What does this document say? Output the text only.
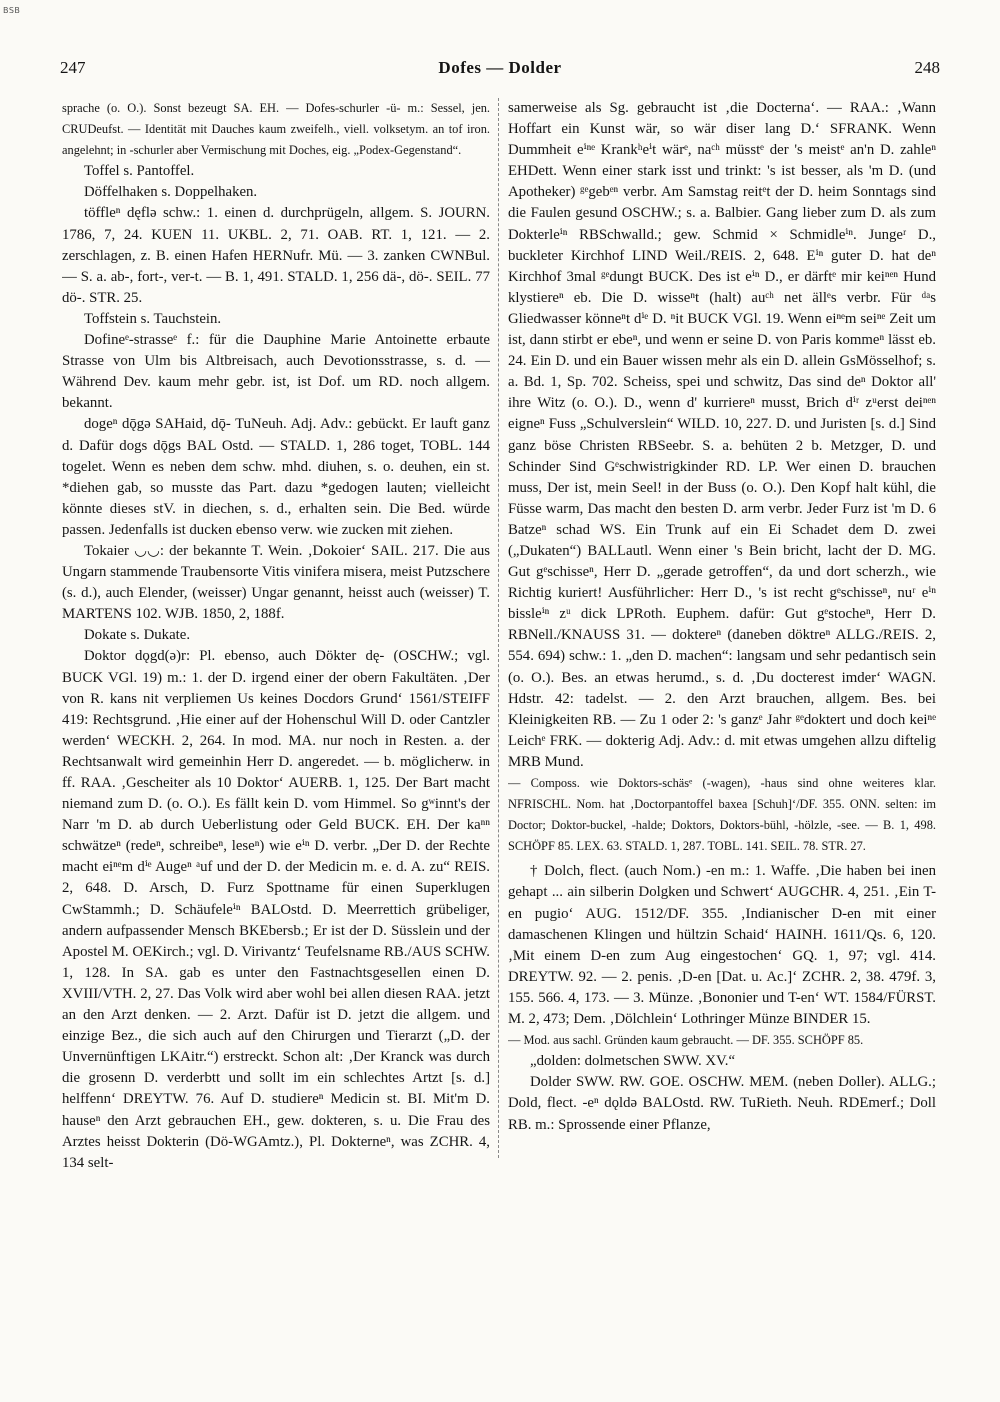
BSB
247	Dofes — Dolder	248

sprache (o. O.). Sonst bezeugt SA. EH. — Dofes-schurler -ü- m.: Sessel, jen. CRUDeufst. — Identität mit Dauches kaum zweifelh., viell. volksetym. an tof iron. angelehnt; in -schurler aber Vermischung mit Doches, eig. „Podex-Gegenstand“.

Toffel s. Pantoffel.

Döffelhaken s. Doppelhaken.

töffleⁿ dęflə schw.: 1. einen d. durchprügeln, allgem. S. JOURN. 1786, 7, 24. KUEN 11. UKBL. 2, 71. OAB. RT. 1, 121. — 2. zerschlagen, z. B. einen Hafen HERNufr. Mü. — 3. zanken CWNBul. — S. a. ab-, fort-, ver-t. — B. 1, 491. STALD. 1, 256 dä-, dö-. SEIL. 77 dö-. STR. 25.

Toffstein s. Tauchstein.

Dofineᵉ-strasseᵉ f.: für die Dauphine Marie Antoinette erbaute Strasse von Ulm bis Altbreisach, auch Devotionsstrasse, s. d. — Während Dev. kaum mehr gebr. ist, ist Dof. um RD. noch allgem. bekannt.

dogeⁿ dǭgə SAHaid, dǭ- TuNeuh. Adj. Adv.: gebückt. Er lauft ganz d. Dafür dogs dǭgs BAL Ostd. — STALD. 1, 286 toget, TOBL. 144 togelet. Wenn es neben dem schw. mhd. diuhen, s. o. deuhen, ein st. *diehen gab, so musste das Part. dazu *gedogen lauten; vielleicht könnte dieses stV. in diechen, s. d., erhalten sein. Die Bed. würde passen. Jedenfalls ist ducken ebenso verw. wie zucken mit ziehen.

Tokaier ◡◡: der bekannte T. Wein. ‚Dokoier‘ SAIL. 217. Die aus Ungarn stammende Traubensorte Vitis vinifera misera, meist Putzschere (s. d.), auch Elender, (weisser) Ungar genannt, heisst auch (weisser) T. MARTENS 102. WJB. 1850, 2, 188f.

Dokate s. Dukate.

Doktor dǫgd(ə)r: Pl. ebenso, auch Dökter dę- (OSCHW.; vgl. BUCK VGl. 19) m.: 1. der D. irgend einer der obern Fakultäten. ‚Der von R. kans nit verpliemen Us keines Docdors Grund‘ 1561/STEIFF 419: Rechtsgrund. ‚Hie einer auf der Hohenschul Will D. oder Cantzler werden‘ WECKH. 2, 264. In mod. MA. nur noch in Resten. a. der Rechtsanwalt wird gemeinhin Herr D. angeredet. — b. möglicherw. in ff. RAA. ‚Gescheiter als 10 Doktor‘ AUERB. 1, 125. Der Bart macht niemand zum D. (o. O.). Es fällt kein D. vom Himmel. So gʷinnt's der Narr 'm D. ab durch Ueberlistung oder Geld BUCK. EH. Der kaⁿⁿ schwätzeⁿ (redeⁿ, schreibeⁿ, leseⁿ) wie eⁱⁿ D. verbr. „Der D. der Rechte macht eiⁿᵉm dⁱᵉ Augeⁿ ᵃuf und der D. der Medicin m. e. d. A. zu“ REIS. 2, 648. D. Arsch, D. Furz Spottname für einen Superklugen CwStammh.; D. Schäufeleⁱⁿ BALOstd. D. Meerrettich grübeliger, andern aufpassender Mensch BKEbersb.; Er ist der D. Süsslein und der Apostel M. OEKirch.; vgl. D. Virivantz‘ Teufelsname RB./AUS SCHW. 1, 128. In SA. gab es unter den Fastnachtsgesellen einen D. XVIII/VTH. 2, 27. Das Volk wird aber wohl bei allen diesen RAA. jetzt an den Arzt denken. — 2. Arzt. Dafür ist D. jetzt die allgem. und einzige Bez., die sich auch auf den Chirurgen und Tierarzt („D. der Unvernünftigen LKAitr.“) erstreckt. Schon alt: ‚Der Kranck was durch die grosenn D. verderbtt und sollt im ein schlechtes Artzt [s. d.] helffenn‘ DREYTW. 76. Auf D. studiereⁿ Medicin st. BI. Mit'm D. hauseⁿ den Arzt gebrauchen EH., gew. dokteren, s. u. Die Frau des Arztes heisst Dokterin (Dö-WGAmtz.), Pl. Dokterneⁿ, was ZCHR. 4, 134 selt-

samerweise als Sg. gebraucht ist ‚die Docterna‘. — RAA.: ‚Wann Hoffart ein Kunst wär, so wär diser lang D.‘ SFRANK. Wenn Dummheit eⁱⁿᵉ Krankʰeⁱt wärᵉ, naᶜʰ müsstᵉ der 's meistᵉ an'n D. zahleⁿ EHDett. Wenn einer stark isst und trinkt: 's ist besser, als 'm D. (und Apotheker) ᵍᵉgebᵉⁿ verbr. Am Samstag reitᵉt der D. heim Sonntags sind die Faulen gesund OSCHW.; s. a. Balbier. Gang lieber zum D. als zum Dokterleⁱⁿ RBSchwalld.; gew. Schmid × Schmidleⁱⁿ. Jungeʳ D., buckleter Kirchhof LIND Weil./REIS. 2, 648. Eⁱⁿ guter D. hat deⁿ Kirchhof 3mal ᵍᵉdungt BUCK. Des ist eⁱⁿ D., er därftᵉ mir keiⁿᵉⁿ Hund klystiereⁿ eb. Die D. wisseⁿt (halt) auᶜʰ net ällᵉs verbr. Für ᵈᵃs Gliedwasser könneⁿt dⁱᵉ D. ⁿit BUCK VGl. 19. Wenn eiⁿᵉm seiⁿᵉ Zeit um ist, dann stirbt er ebeⁿ, und wenn er seine D. von Paris kommeⁿ lässt eb. 24. Ein D. und ein Bauer wissen mehr als ein D. allein GsMösselhof; s. a. Bd. 1, Sp. 702. Scheiss, spei und schwitz, Das sind deⁿ Doktor all' ihre Witz (o. O.). D., wenn d' kurriereⁿ musst, Brich dⁱʳ zᵘerst deiⁿᵉⁿ eigneⁿ Fuss „Schulverslein“ WILD. 10, 227. D. und Juristen [s. d.] Sind ganz böse Christen RBSeebr. S. a. behüten 2 b. Metzger, D. und Schinder Sind Gᵉschwistrigkinder RD. LP. Wer einen D. brauchen muss, Der ist, mein Seel! in der Buss (o. O.). Den Kopf halt kühl, die Füsse warm, Das macht den besten D. arm verbr. Jeder Furz ist 'm D. 6 Batzeⁿ schad WS. Ein Trunk auf ein Ei Schadet dem D. zwei („Dukaten“) BALLautl. Wenn einer 's Bein bricht, lacht der D. MG. Gut gᵉschisseⁿ, Herr D. „gerade getroffen“, da und dort scherzh., wie Richtig kuriert! Ausführlicher: Herr D., 's ist recht gᵉschisseⁿ, nuʳ eⁱⁿ bissleⁱⁿ zᵘ dick LPRoth. Euphem. dafür: Gut gᵉstocheⁿ, Herr D. RBNell./KNAUSS 31. — doktereⁿ (daneben döktreⁿ ALLG./REIS. 2, 554. 694) schw.: 1. „den D. machen“: langsam und sehr pedantisch sein (o. O.). Bes. an etwas herumd., s. d. ‚Du docterest imder‘ WAGN. Hdstr. 42: tadelst. — 2. den Arzt brauchen, allgem. Bes. bei Kleinigkeiten RB. — Zu 1 oder 2: 's ganzᵉ Jahr ᵍᵉdoktert und doch keiⁿᵉ Leichᵉ FRK. — dokterig Adj. Adv.: d. mit etwas umgehen allzu diftelig MRB Mund.

— Composs. wie Doktors-schäsᵉ (-wagen), -haus sind ohne weiteres klar. NFRISCHL. Nom. hat ‚Doctorpantoffel baxea [Schuh]‘/DF. 355. ONN. selten: im Doctor; Doktor-buckel, -halde; Doktors, Doktors-bühl, -hölzle, -see. — B. 1, 498. SCHÖPF 85. LEX. 63. STALD. 1, 287. TOBL. 141. SEIL. 78. STR. 27.

† Dolch, flect. (auch Nom.) -en m.: 1. Waffe. ‚Die haben bei inen gehapt ... ain silberin Dolgken und Schwert‘ AUGCHR. 4, 251. ‚Ein T-en pugio‘ AUG. 1512/DF. 355. ‚Indianischer D-en mit einer damaschenen Klingen und hültzin Schaid‘ HAINH. 1611/Qs. 6, 120. ‚Mit einem D-en zum Aug eingestochen‘ GQ. 1, 97; vgl. 414. DREYTW. 92. — 2. penis. ‚D-en [Dat. u. Ac.]‘ ZCHR. 2, 38. 479f. 3, 155. 566. 4, 173. — 3. Münze. ‚Bononier und T-en‘ WT. 1584/FÜRST. M. 2, 473; Dem. ‚Dölchlein‘ Lothringer Münze BINDER 15.

— Mod. aus sachl. Gründen kaum gebraucht. — DF. 355. SCHÖPF 85.

„dolden: dolmetschen SWW. XV.“

Dolder SWW. RW. GOE. OSCHW. MEM. (neben Doller). ALLG.; Dold, flect. -eⁿ dǫldə BALOstd. RW. TuRieth. Neuh. RDEmerf.; Doll RB. m.: Sprossende einer Pflanze,
